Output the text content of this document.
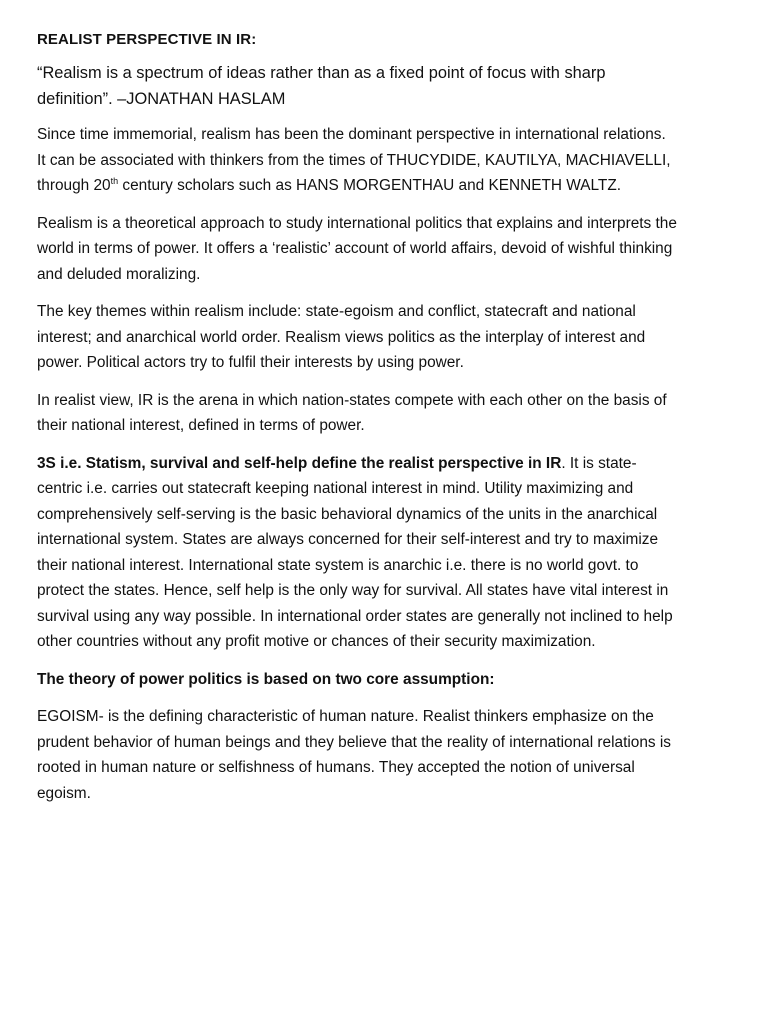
REALIST PERSPECTIVE IN IR:

“Realism is a spectrum of ideas rather than as a fixed point of focus with sharp definition”. –JONATHAN HASLAM

Since time immemorial, realism has been the dominant perspective in international relations. It can be associated with thinkers from the times of THUCYDIDE, KAUTILYA, MACHIAVELLI, through 20th century scholars such as HANS MORGENTHAU and KENNETH WALTZ.

Realism is a theoretical approach to study international politics that explains and interprets the world in terms of power. It offers a ‘realistic’ account of world affairs, devoid of wishful thinking and deluded moralizing.

The key themes within realism include: state-egoism and conflict, statecraft and national interest; and anarchical world order. Realism views politics as the interplay of interest and power. Political actors try to fulfil their interests by using power.

In realist view, IR is the arena in which nation-states compete with each other on the basis of their national interest, defined in terms of power.

3S i.e. Statism, survival and self-help define the realist perspective in IR. It is state-centric i.e. carries out statecraft keeping national interest in mind. Utility maximizing and comprehensively self-serving is the basic behavioral dynamics of the units in the anarchical international system. States are always concerned for their self-interest and try to maximize their national interest. International state system is anarchic i.e. there is no world govt. to protect the states. Hence, self help is the only way for survival. All states have vital interest in survival using any way possible. In international order states are generally not inclined to help other countries without any profit motive or chances of their security maximization.

The theory of power politics is based on two core assumption:

EGOISM- is the defining characteristic of human nature. Realist thinkers emphasize on the prudent behavior of human beings and they believe that the reality of international relations is rooted in human nature or selfishness of humans. They accepted the notion of universal egoism.
